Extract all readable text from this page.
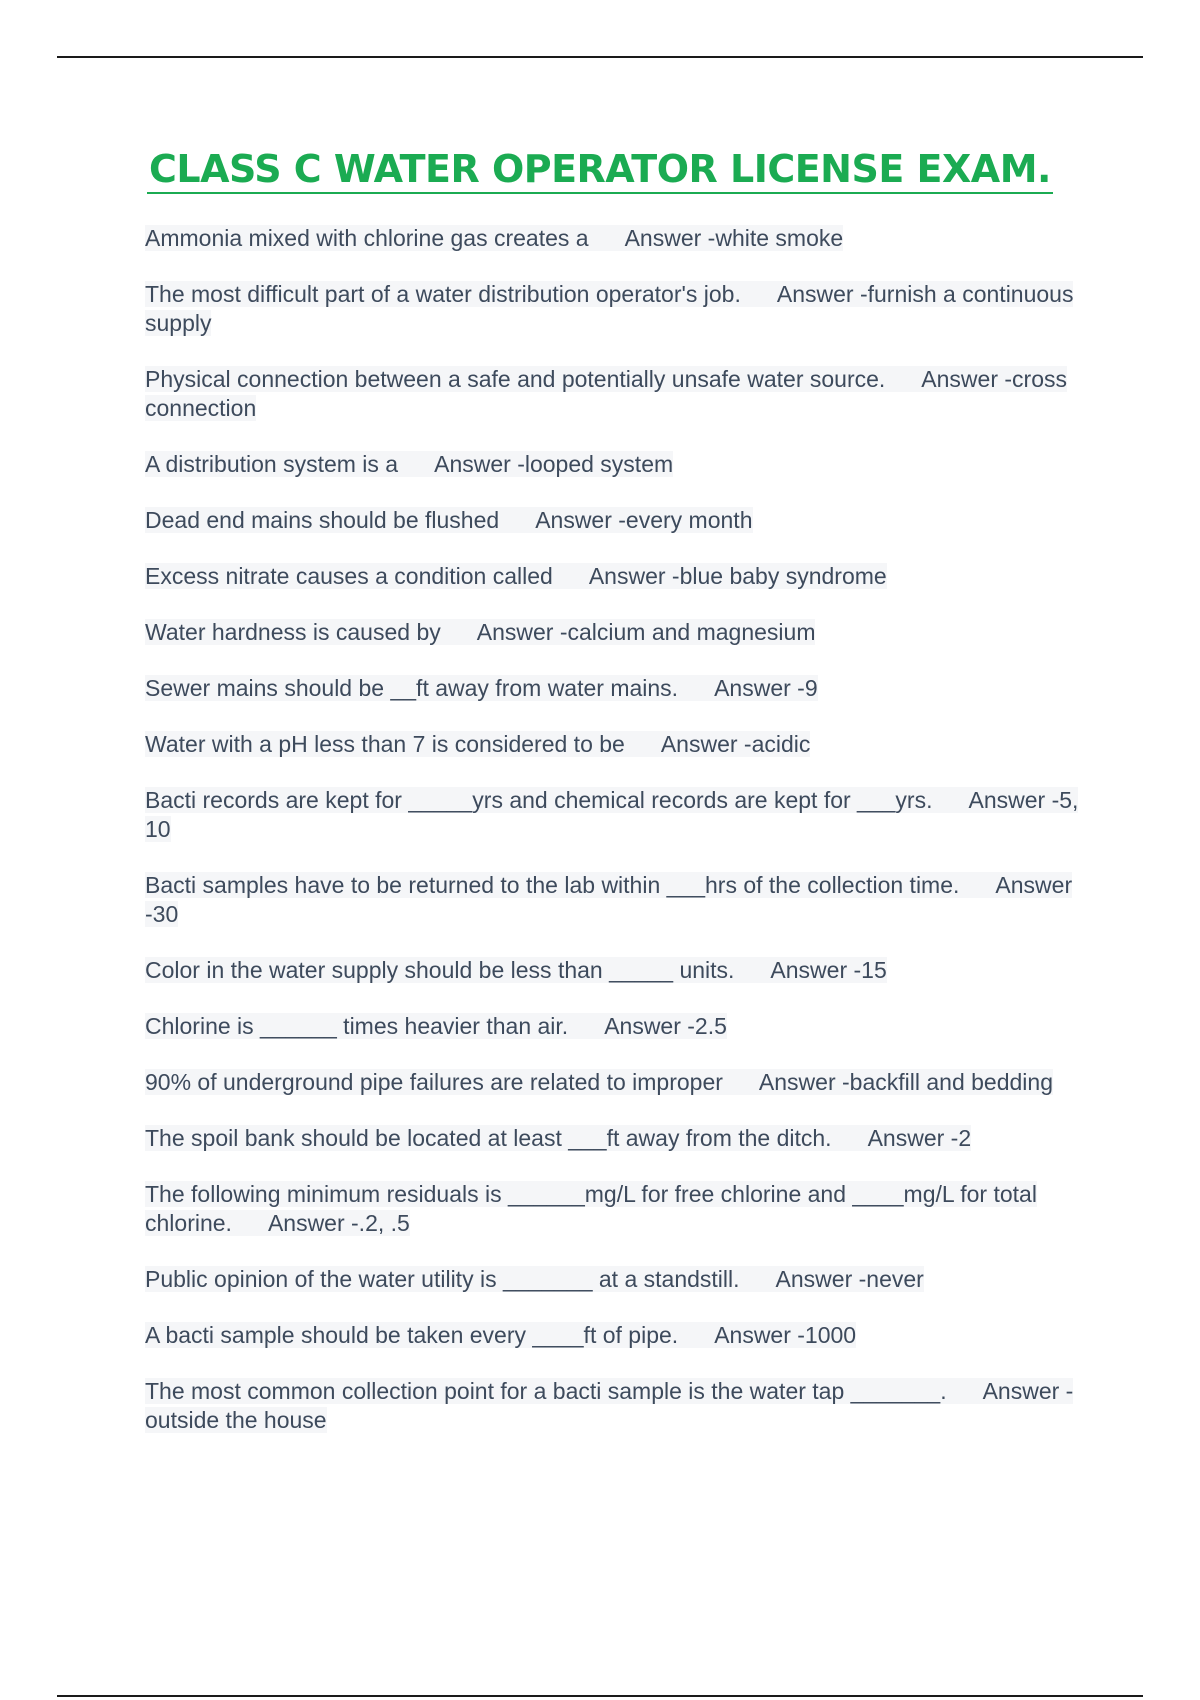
CLASS C WATER OPERATOR LICENSE EXAM.

Ammonia mixed with chlorine gas creates a Answer -white smoke

The most difficult part of a water distribution operator's job. Answer -furnish a continuous supply

Physical connection between a safe and potentially unsafe water source. Answer -cross connection

A distribution system is a Answer -looped system

Dead end mains should be flushed Answer -every month

Excess nitrate causes a condition called Answer -blue baby syndrome

Water hardness is caused by Answer -calcium and magnesium

Sewer mains should be __ft away from water mains. Answer -9

Water with a pH less than 7 is considered to be Answer -acidic

Bacti records are kept for _____yrs and chemical records are kept for ___yrs. Answer -5, 10

Bacti samples have to be returned to the lab within ___hrs of the collection time. Answer -30

Color in the water supply should be less than _____ units. Answer -15

Chlorine is ______ times heavier than air. Answer -2.5

90% of underground pipe failures are related to improper Answer -backfill and bedding

The spoil bank should be located at least ___ft away from the ditch. Answer -2

The following minimum residuals is ______mg/L for free chlorine and ____mg/L for total chlorine. Answer -.2, .5

Public opinion of the water utility is _______ at a standstill. Answer -never

A bacti sample should be taken every ____ft of pipe. Answer -1000

The most common collection point for a bacti sample is the water tap _______. Answer -outside the house
